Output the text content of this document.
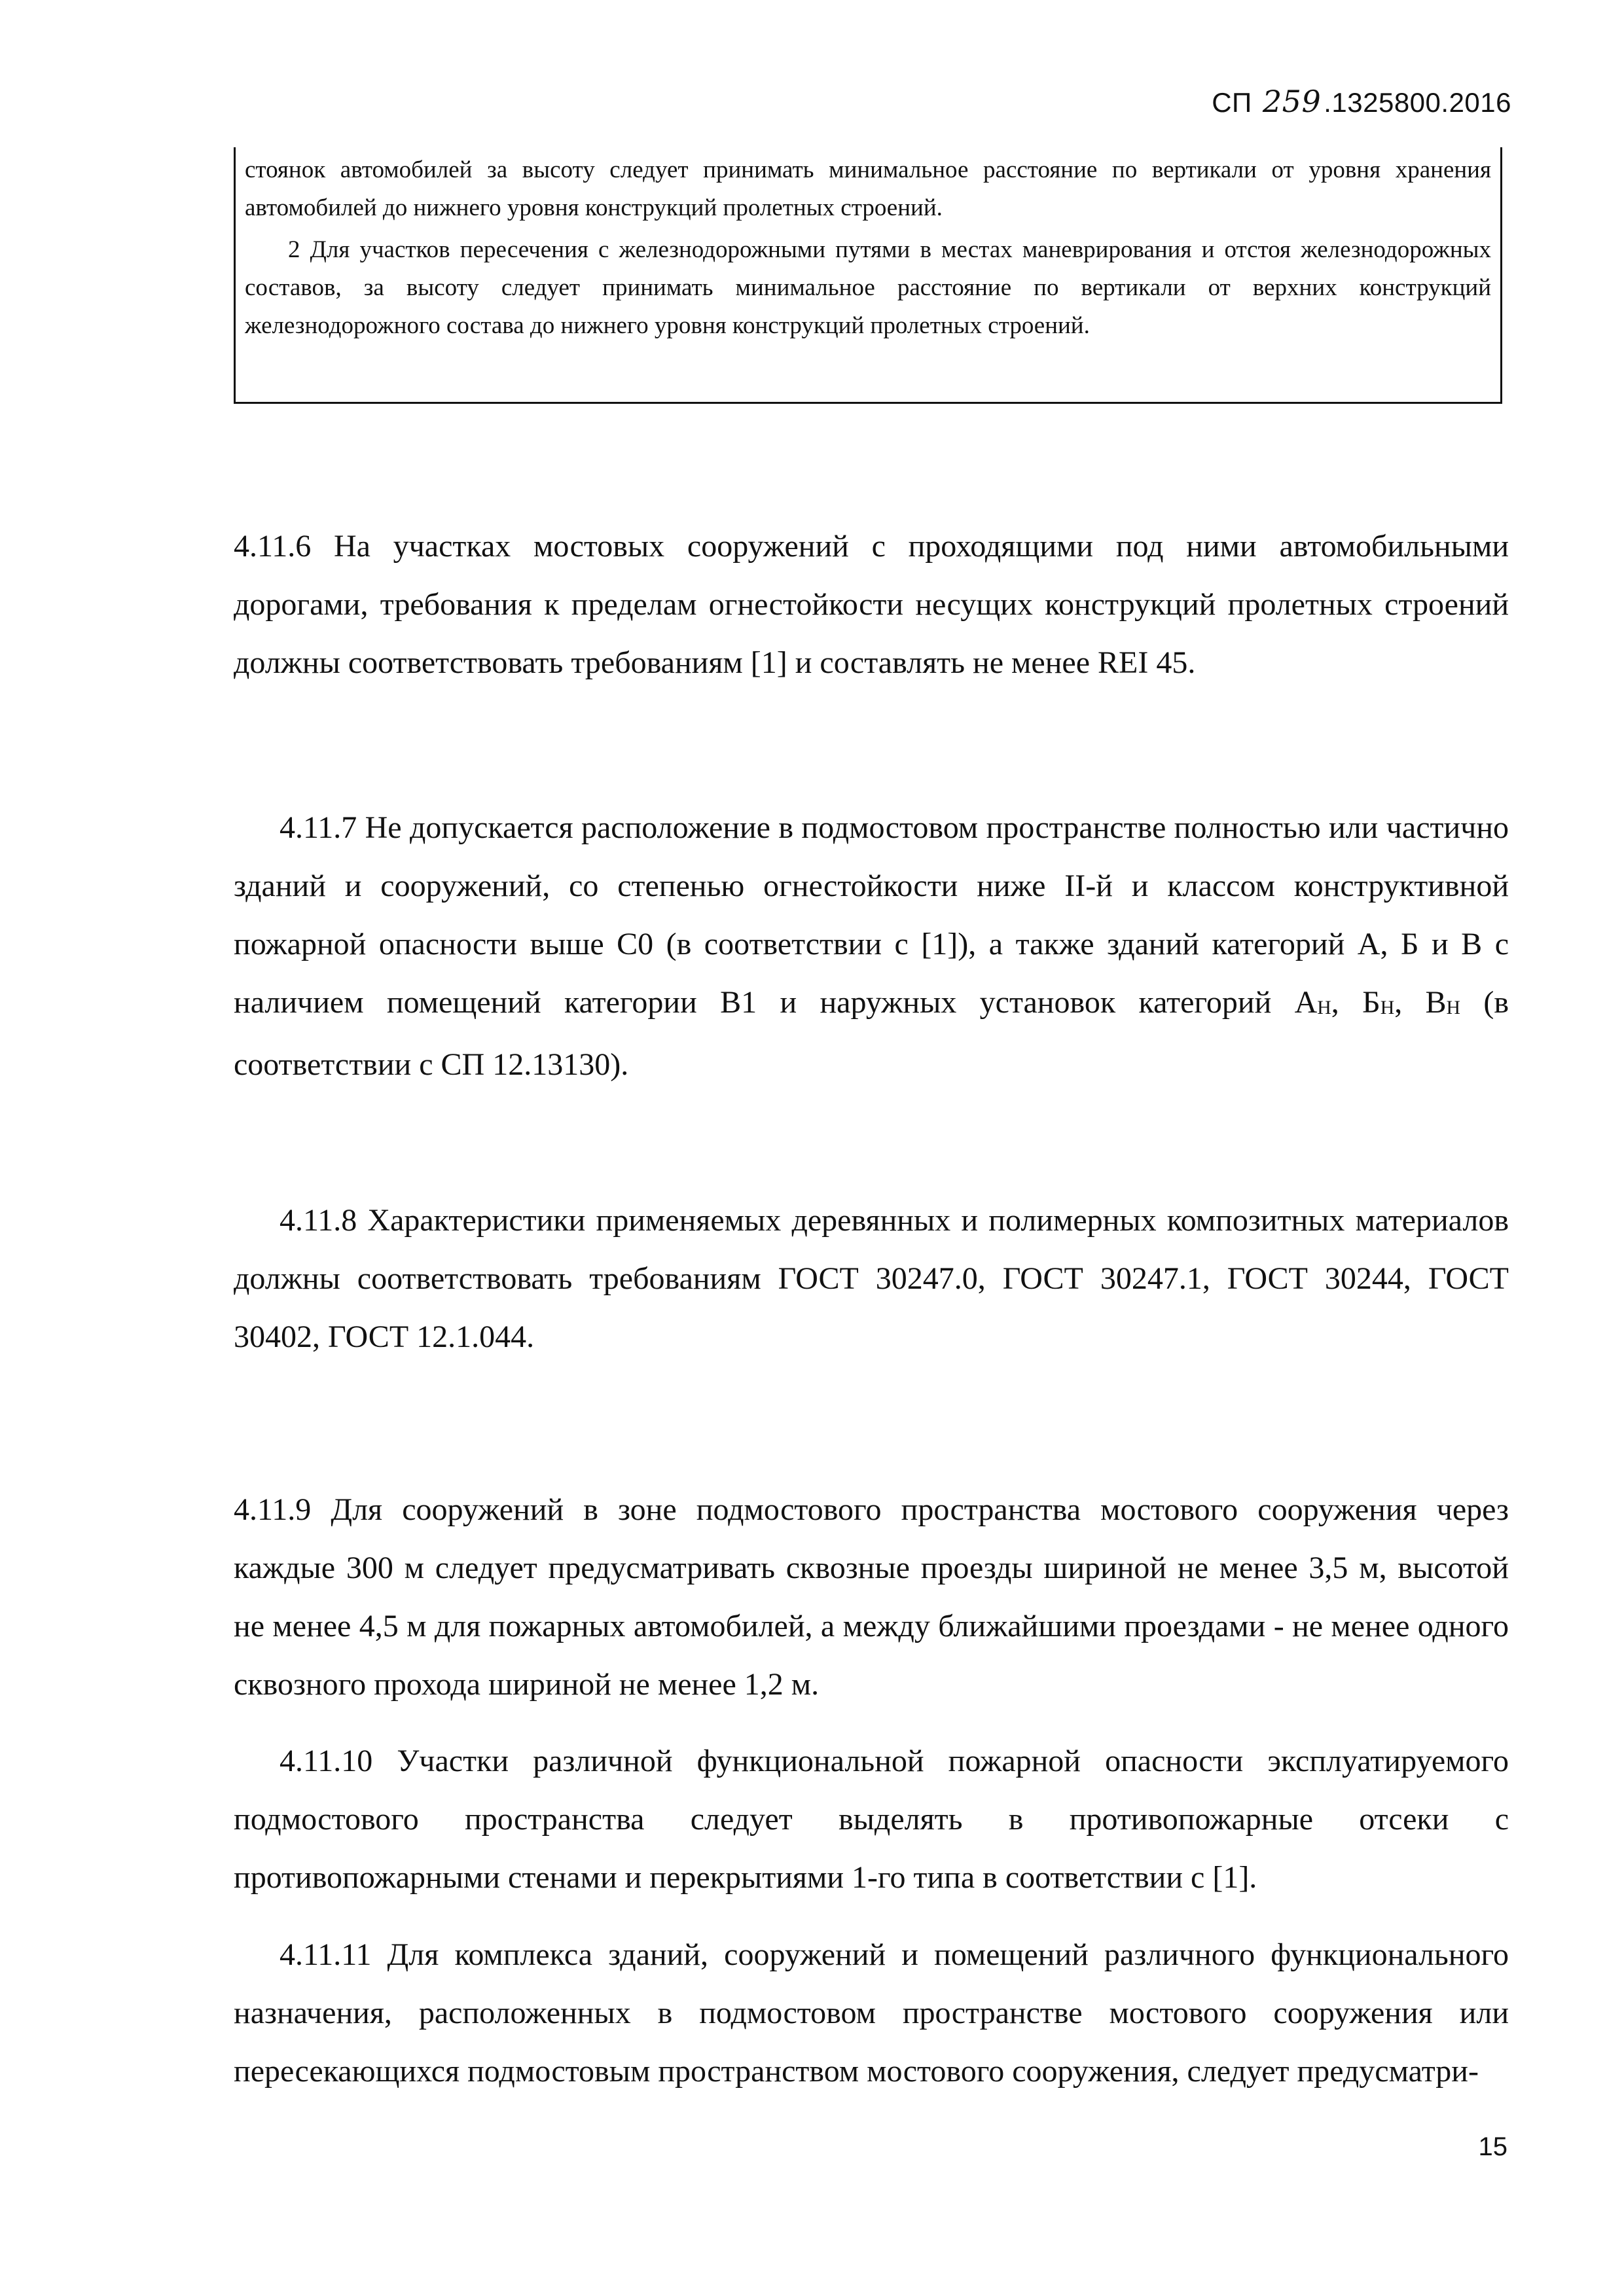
СП 259.1325800.2016

стоянок автомобилей за высоту следует принимать минимальное расстояние по вертикали от уровня хранения автомобилей до нижнего уровня конструкций пролетных строений.

2 Для участков пересечения с железнодорожными путями в местах маневрирования и отстоя железнодорожных составов, за высоту следует принимать минимальное расстояние по вертикали от верхних конструкций железнодорожного состава до нижнего уровня конструкций пролетных строений.

4.11.6 На участках мостовых сооружений с проходящими под ними автомобильными дорогами, требования к пределам огнестойкости несущих конструкций пролетных строений должны соответствовать требованиям [1] и составлять не менее REI 45.

4.11.7 Не допускается расположение в подмостовом пространстве полностью или частично зданий и сооружений, со степенью огнестойкости ниже II-й и классом конструктивной пожарной опасности выше С0 (в соответствии с [1]), а также зданий категорий А, Б и В с наличием помещений категории В1 и наружных установок категорий $А_Н$, $Б_Н$, $В_Н$ (в соответствии с СП 12.13130).

4.11.8 Характеристики применяемых деревянных и полимерных композитных материалов должны соответствовать требованиям ГОСТ 30247.0, ГОСТ 30247.1, ГОСТ 30244, ГОСТ 30402, ГОСТ 12.1.044.

4.11.9 Для сооружений в зоне подмостового пространства мостового сооружения через каждые 300 м следует предусматривать сквозные проезды шириной не менее 3,5 м, высотой не менее 4,5 м для пожарных автомобилей, а между ближайшими проездами - не менее одного сквозного прохода шириной не менее 1,2 м.

4.11.10 Участки различной функциональной пожарной опасности эксплуатируемого подмостового пространства следует выделять в противопожарные отсеки с противопожарными стенами и перекрытиями 1-го типа в соответствии с [1].

4.11.11 Для комплекса зданий, сооружений и помещений различного функционального назначения, расположенных в подмостовом пространстве мостового сооружения или пересекающихся подмостовым пространством мостового сооружения, следует предусматри-

15
